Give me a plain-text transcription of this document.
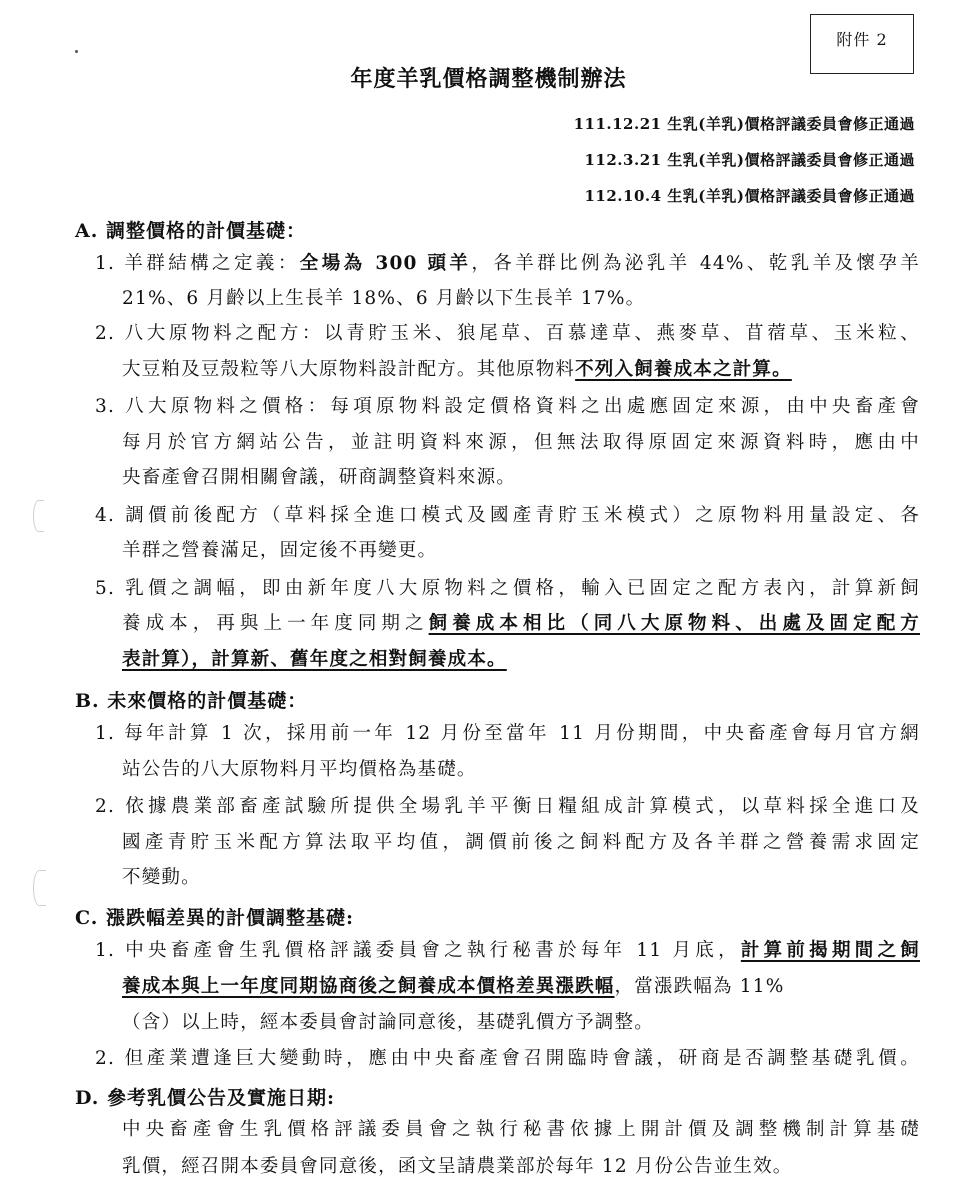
附件 2
年度羊乳價格調整機制辦法
111.12.21 生乳(羊乳)價格評議委員會修正通過
112.3.21 生乳(羊乳)價格評議委員會修正通過
112.10.4 生乳(羊乳)價格評議委員會修正通過
A. 調整價格的計價基礎：
1. 羊群結構之定義：全場為 300 頭羊，各羊群比例為泌乳羊 44%、乾乳羊及懷孕羊
21%、6 月齡以上生長羊 18%、6 月齡以下生長羊 17%。
2. 八大原物料之配方：以青貯玉米、狼尾草、百慕達草、燕麥草、苜蓿草、玉米粒、
大豆粕及豆殼粒等八大原物料設計配方。其他原物料不列入飼養成本之計算。
3. 八大原物料之價格：每項原物料設定價格資料之出處應固定來源，由中央畜產會
每月於官方網站公告，並註明資料來源，但無法取得原固定來源資料時，應由中
央畜產會召開相關會議，研商調整資料來源。
4. 調價前後配方（草料採全進口模式及國產青貯玉米模式）之原物料用量設定、各
羊群之營養滿足，固定後不再變更。
5. 乳價之調幅，即由新年度八大原物料之價格，輸入已固定之配方表內，計算新飼
養成本，再與上一年度同期之飼養成本相比（同八大原物料、出處及固定配方
表計算），計算新、舊年度之相對飼養成本。
B. 未來價格的計價基礎：
1. 每年計算 1 次，採用前一年 12 月份至當年 11 月份期間，中央畜產會每月官方網
站公告的八大原物料月平均價格為基礎。
2. 依據農業部畜產試驗所提供全場乳羊平衡日糧組成計算模式，以草料採全進口及
國產青貯玉米配方算法取平均值，調價前後之飼料配方及各羊群之營養需求固定
不變動。
C. 漲跌幅差異的計價調整基礎:
1. 中央畜產會生乳價格評議委員會之執行秘書於每年 11 月底，計算前揭期間之飼
養成本與上一年度同期協商後之飼養成本價格差異漲跌幅，當漲跌幅為 11%
（含）以上時，經本委員會討論同意後，基礎乳價方予調整。
2. 但產業遭逢巨大變動時，應由中央畜產會召開臨時會議，研商是否調整基礎乳價。
D. 參考乳價公告及實施日期:
中央畜產會生乳價格評議委員會之執行秘書依據上開計價及調整機制計算基礎
乳價，經召開本委員會同意後，函文呈請農業部於每年 12 月份公告並生效。
